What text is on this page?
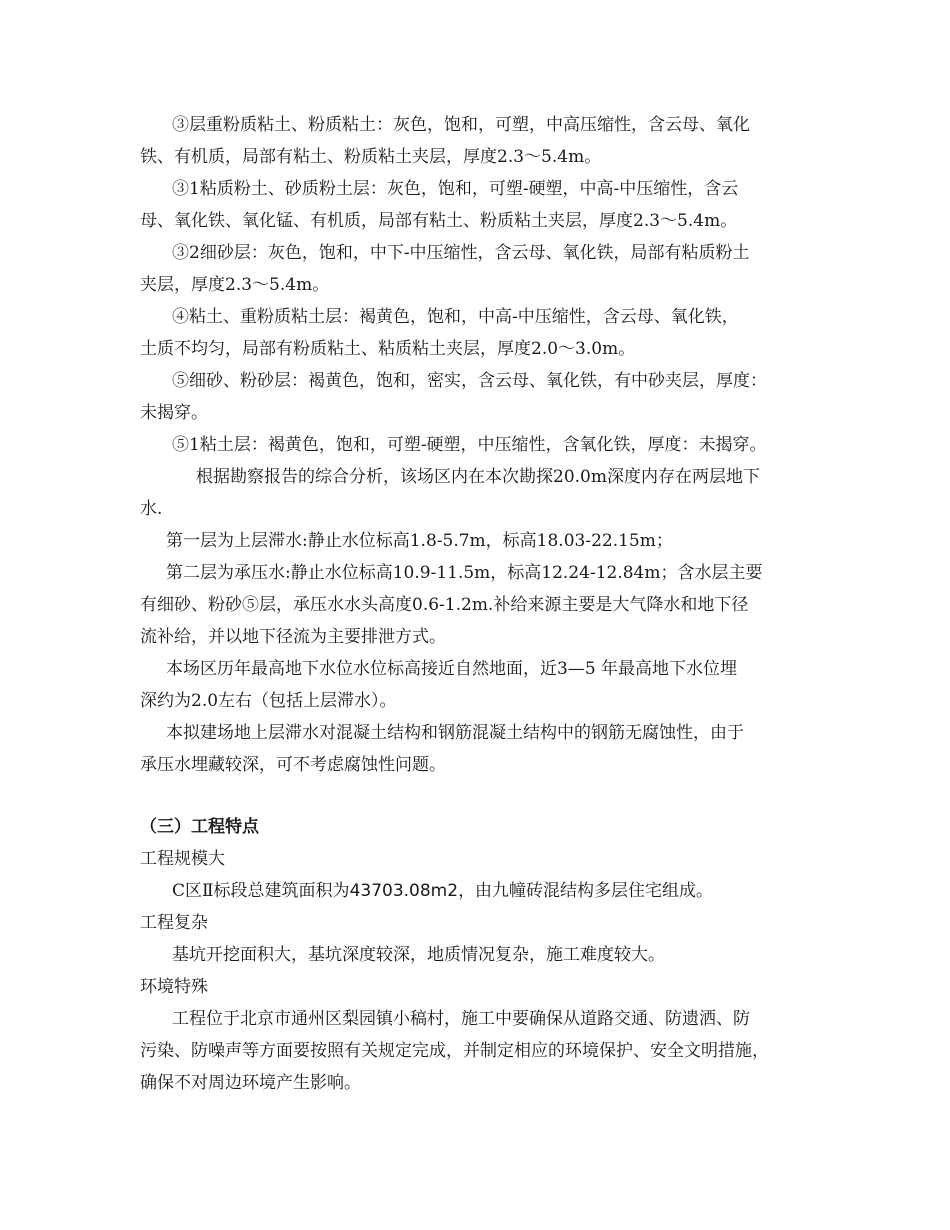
③层重粉质粘土、粉质粘土：灰色，饱和，可塑，中高压缩性，含云母、氧化
铁、有机质，局部有粘土、粉质粘土夹层，厚度2.3～5.4m。
③1粘质粉土、砂质粉土层：灰色，饱和，可塑-硬塑，中高-中压缩性，含云
母、氧化铁、氧化锰、有机质，局部有粘土、粉质粘土夹层，厚度2.3～5.4m。
③2细砂层：灰色，饱和，中下-中压缩性，含云母、氧化铁，局部有粘质粉土
夹层，厚度2.3～5.4m。
④粘土、重粉质粘土层：褐黄色，饱和，中高-中压缩性，含云母、氧化铁，
土质不均匀，局部有粉质粘土、粘质粘土夹层，厚度2.0～3.0m。
⑤细砂、粉砂层：褐黄色，饱和，密实，含云母、氧化铁，有中砂夹层，厚度：
未揭穿。
⑤1粘土层：褐黄色，饱和，可塑-硬塑，中压缩性，含氧化铁，厚度：未揭穿。
根据勘察报告的综合分析，该场区内在本次勘探20.0m深度内存在两层地下
水.
第一层为上层滞水:静止水位标高1.8-5.7m，标高18.03-22.15m；
第二层为承压水:静止水位标高10.9-11.5m，标高12.24-12.84m；含水层主要
有细砂、粉砂⑤层，承压水水头高度0.6-1.2m.补给来源主要是大气降水和地下径
流补给，并以地下径流为主要排泄方式。
本场区历年最高地下水位水位标高接近自然地面，近3—5 年最高地下水位埋
深约为2.0左右（包括上层滞水）。
本拟建场地上层滞水对混凝土结构和钢筋混凝土结构中的钢筋无腐蚀性，由于
承压水埋藏较深，可不考虑腐蚀性问题。
（三）工程特点
工程规模大
C区Ⅱ标段总建筑面积为43703.08m2，由九幢砖混结构多层住宅组成。
工程复杂
基坑开挖面积大，基坑深度较深，地质情况复杂，施工难度较大。
环境特殊
工程位于北京市通州区梨园镇小稿村，施工中要确保从道路交通、防遗洒、防
污染、防噪声等方面要按照有关规定完成，并制定相应的环境保护、安全文明措施，
确保不对周边环境产生影响。
